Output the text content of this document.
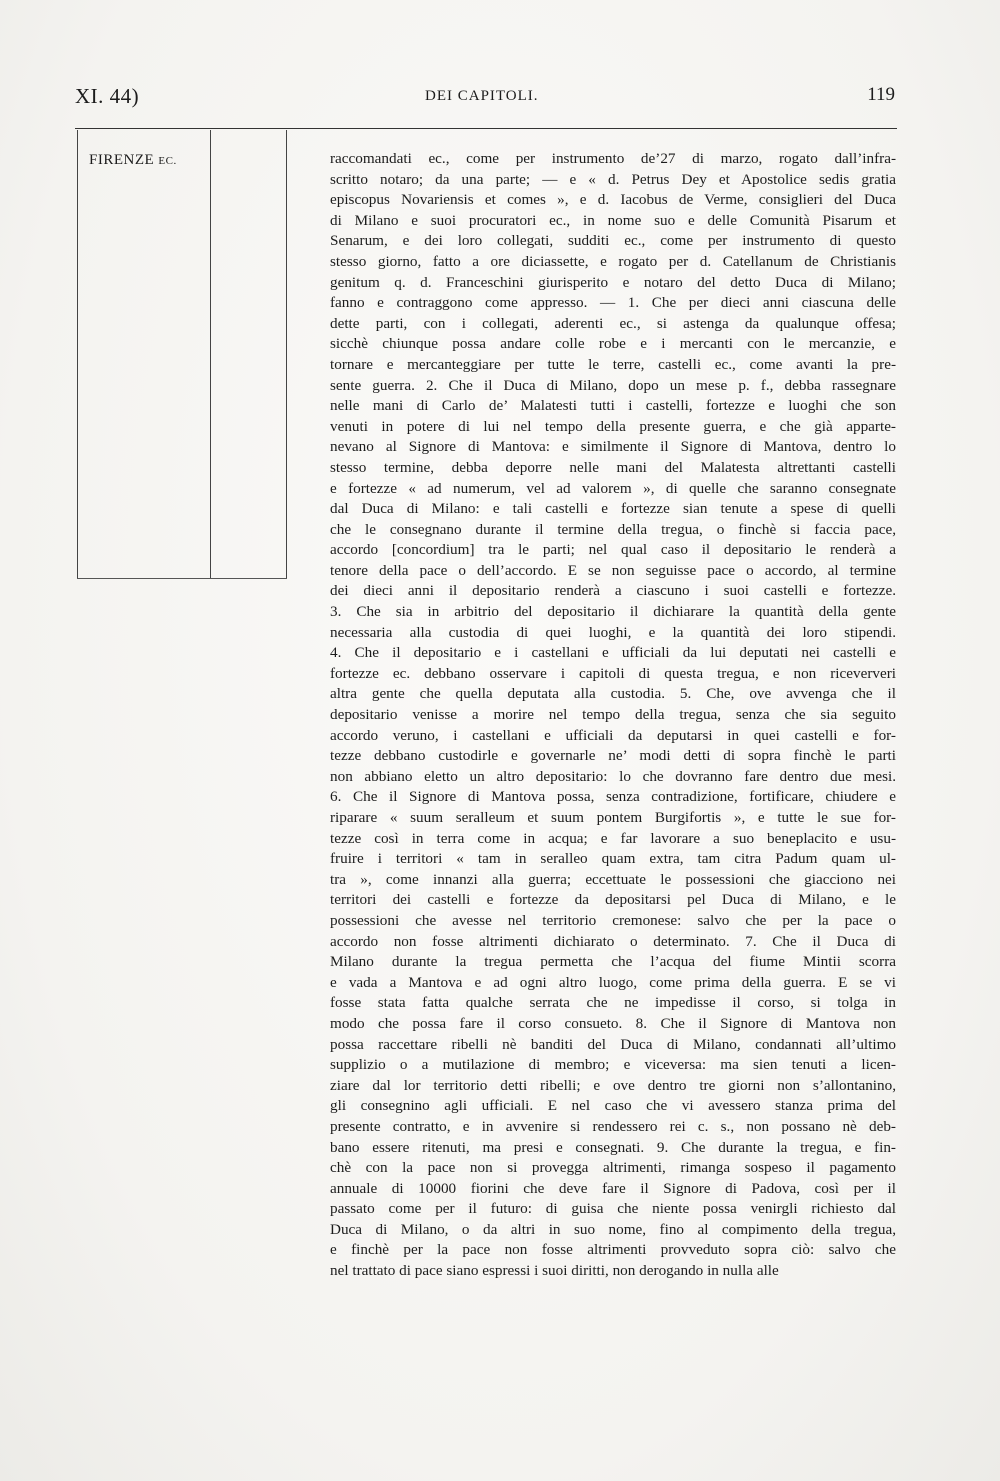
XI. 44)	DEI CAPITOLI.	119
FIRENZE EC.	raccomandati ec., come per instrumento de’27 di marzo, rogato dall’infra-
scritto notaro; da una parte; — e « d. Petrus Dey et Apostolice sedis gratia
episcopus Novariensis et comes », e d. Iacobus de Verme, consiglieri del Duca
di Milano e suoi procuratori ec., in nome suo e delle Comunità Pisarum et
Senarum, e dei loro collegati, sudditi ec., come per instrumento di questo
stesso giorno, fatto a ore diciassette, e rogato per d. Catellanum de Christianis
genitum q. d. Franceschini giurisperito e notaro del detto Duca di Milano;
fanno e contraggono come appresso. — 1. Che per dieci anni ciascuna delle
dette parti, con i collegati, aderenti ec., si astenga da qualunque offesa;
sicchè chiunque possa andare colle robe e i mercanti con le mercanzie, e
tornare e mercanteggiare per tutte le terre, castelli ec., come avanti la pre-
sente guerra. 2. Che il Duca di Milano, dopo un mese p. f., debba rassegnare
nelle mani di Carlo de’ Malatesti tutti i castelli, fortezze e luoghi che son
venuti in potere di lui nel tempo della presente guerra, e che già apparte-
nevano al Signore di Mantova: e similmente il Signore di Mantova, dentro lo
stesso termine, debba deporre nelle mani del Malatesta altrettanti castelli
e fortezze « ad numerum, vel ad valorem », di quelle che saranno consegnate
dal Duca di Milano: e tali castelli e fortezze sian tenute a spese di quelli
che le consegnano durante il termine della tregua, o finchè si faccia pace,
accordo [concordium] tra le parti; nel qual caso il depositario le renderà a
tenore della pace o dell’accordo. E se non seguisse pace o accordo, al termine
dei dieci anni il depositario renderà a ciascuno i suoi castelli e fortezze.
3. Che sia in arbitrio del depositario il dichiarare la quantità della gente
necessaria alla custodia di quei luoghi, e la quantità dei loro stipendi.
4. Che il depositario e i castellani e ufficiali da lui deputati nei castelli e
fortezze ec. debbano osservare i capitoli di questa tregua, e non riceververi
altra gente che quella deputata alla custodia. 5. Che, ove avvenga che il
depositario venisse a morire nel tempo della tregua, senza che sia seguito
accordo veruno, i castellani e ufficiali da deputarsi in quei castelli e for-
tezze debbano custodirle e governarle ne’ modi detti di sopra finchè le parti
non abbiano eletto un altro depositario: lo che dovranno fare dentro due mesi.
6. Che il Signore di Mantova possa, senza contradizione, fortificare, chiudere e
riparare « suum seralleum et suum pontem Burgifortis », e tutte le sue for-
tezze così in terra come in acqua; e far lavorare a suo beneplacito e usu-
fruire i territori « tam in seralleo quam extra, tam citra Padum quam ul-
tra », come innanzi alla guerra; eccettuate le possessioni che giacciono nei
territori dei castelli e fortezze da depositarsi pel Duca di Milano, e le
possessioni che avesse nel territorio cremonese: salvo che per la pace o
accordo non fosse altrimenti dichiarato o determinato. 7. Che il Duca di
Milano durante la tregua permetta che l’acqua del fiume Mintii scorra
e vada a Mantova e ad ogni altro luogo, come prima della guerra. E se vi
fosse stata fatta qualche serrata che ne impedisse il corso, si tolga in
modo che possa fare il corso consueto. 8. Che il Signore di Mantova non
possa raccettare ribelli nè banditi del Duca di Milano, condannati all’ultimo
supplizio o a mutilazione di membro; e viceversa: ma sien tenuti a licen-
ziare dal lor territorio detti ribelli; e ove dentro tre giorni non s’allontanino,
gli consegnino agli ufficiali. E nel caso che vi avessero stanza prima del
presente contratto, e in avvenire si rendessero rei c. s., non possano nè deb-
bano essere ritenuti, ma presi e consegnati. 9. Che durante la tregua, e fin-
chè con la pace non si provegga altrimenti, rimanga sospeso il pagamento
annuale di 10000 fiorini che deve fare il Signore di Padova, così per il
passato come per il futuro: di guisa che niente possa venirgli richiesto dal
Duca di Milano, o da altri in suo nome, fino al compimento della tregua,
e finchè per la pace non fosse altrimenti provveduto sopra ciò: salvo che
nel trattato di pace siano espressi i suoi diritti, non derogando in nulla alle
